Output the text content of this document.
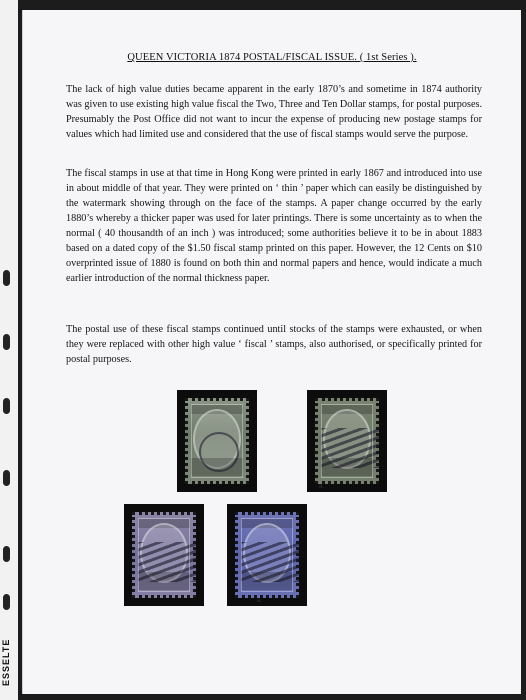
ESSELTE
QUEEN VICTORIA 1874 POSTAL/FISCAL ISSUE. ( 1st Series ).

The lack of high value duties became apparent in the early 1870’s and sometime in 1874 authority was given to use existing high value fiscal the Two, Three and Ten Dollar stamps, for postal purposes. Presumably the Post Office did not want to incur the expense of producing new postage stamps for values which had limited use and considered that the use of fiscal stamps would serve the purpose.

The fiscal stamps in use at that time in Hong Kong were printed in early 1867 and introduced into use in about middle of that year. They were printed on ‘ thin ’ paper which can easily be distinguished by the watermark showing through on the face of the stamps. A paper change occurred by the early 1880’s whereby a thicker paper was used for later printings. There is some uncertainty as to when the normal ( 40 thousandth of an inch ) was introduced; some authorities believe it to be in about 1883 based on a dated copy of the $1.50 fiscal stamp printed on this paper. However, the 12 Cents on $10 overprinted issue of 1880 is found on both thin and normal papers and hence, would indicate a much earlier introduction of the normal thickness paper.

The postal use of these fiscal stamps continued until stocks of the stamps were exhausted, or when they were replaced with other high value ‘ fiscal ’ stamps, also authorised, or specifically printed for postal purposes.

a.
a.
